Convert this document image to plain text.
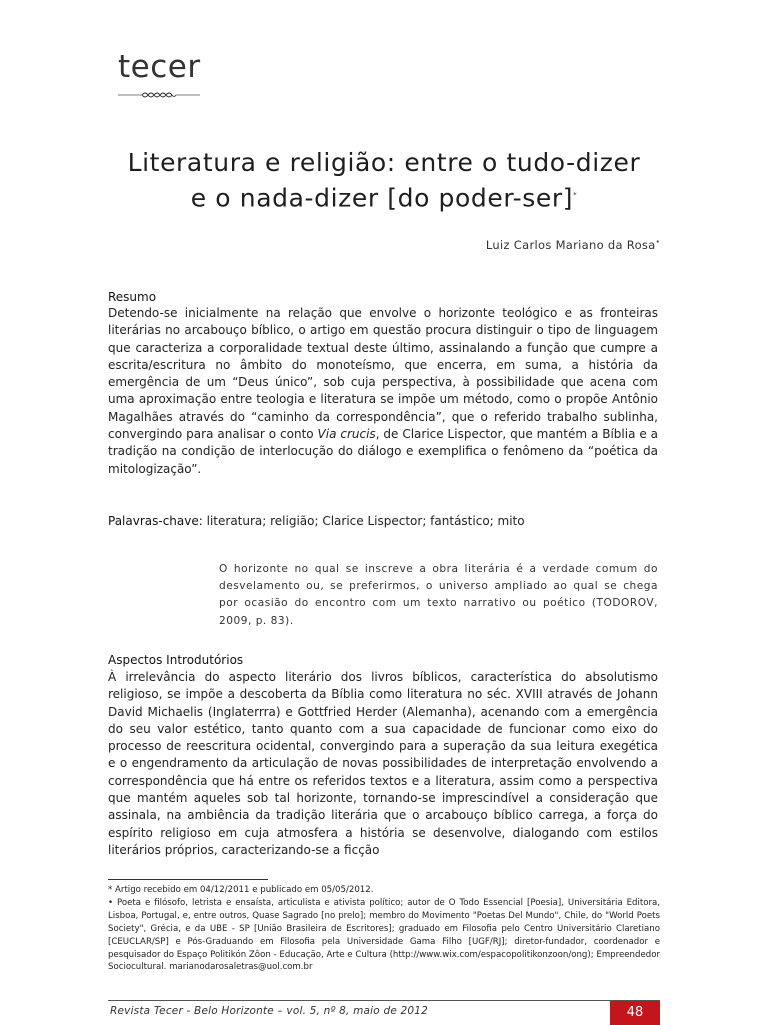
tecer
Literatura e religião: entre o tudo-dizer
e o nada-dizer [do poder-ser]*
Luiz Carlos Mariano da Rosa•
Resumo
Detendo-se inicialmente na relação que envolve o horizonte teológico e as fronteiras literárias no arcabouço bíblico, o artigo em questão procura distinguir o tipo de linguagem que caracteriza a corporalidade textual deste último, assinalando a função que cumpre a escrita/escritura no âmbito do monoteísmo, que encerra, em suma, a história da emergência de um “Deus único”, sob cuja perspectiva, à possibilidade que acena com uma aproximação entre teologia e literatura se impõe um método, como o propõe Antônio Magalhães através do “caminho da correspondência”, que o referido trabalho sublinha, convergindo para analisar o conto Via crucis, de Clarice Lispector, que mantém a Bíblia e a tradição na condição de interlocução do diálogo e exemplifica o fenômeno da “poética da mitologização”.
Palavras-chave: literatura; religião; Clarice Lispector; fantástico; mito
O horizonte no qual se inscreve a obra literária é a verdade comum do desvelamento ou, se preferirmos, o universo ampliado ao qual se chega por ocasião do encontro com um texto narrativo ou poético (TODOROV, 2009, p. 83).
Aspectos Introdutórios
À irrelevância do aspecto literário dos livros bíblicos, característica do absolutismo religioso, se impõe a descoberta da Bíblia como literatura no séc. XVIII através de Johann David Michaelis (Inglaterrra) e Gottfried Herder (Alemanha), acenando com a emergência do seu valor estético, tanto quanto com a sua capacidade de funcionar como eixo do processo de reescritura ocidental, convergindo para a superação da sua leitura exegética e o engendramento da articulação de novas possibilidades de interpretação envolvendo a correspondência que há entre os referidos textos e a literatura, assim como a perspectiva que mantém aqueles sob tal horizonte, tornando-se imprescindível a consideração que assinala, na ambiência da tradição literária que o arcabouço bíblico carrega, a força do espírito religioso em cuja atmosfera a história se desenvolve, dialogando com estilos literários próprios, caracterizando-se a ficção

* Artigo recebido em 04/12/2011 e publicado em 05/05/2012.

• Poeta e filósofo, letrista e ensaísta, articulista e ativista político; autor de O Todo Essencial [Poesia], Universitária Editora, Lisboa, Portugal, e, entre outros, Quase Sagrado [no prelo]; membro do Movimento "Poetas Del Mundo", Chile, do "World Poets Society", Grécia, e da UBE - SP [União Brasileira de Escritores]; graduado em Filosofia pelo Centro Universitário Claretiano [CEUCLAR/SP] e Pós-Graduando em Filosofia pela Universidade Gama Filho [UGF/RJ]; diretor-fundador, coordenador e pesquisador do Espaço Politikón Zôon - Educação, Arte e Cultura (http://www.wix.com/espacopolitikonzoon/ong); Empreendedor Sociocultural. marianodarosaletras@uol.com.br

Revista Tecer - Belo Horizonte – vol. 5, nº 8, maio de 2012	48
